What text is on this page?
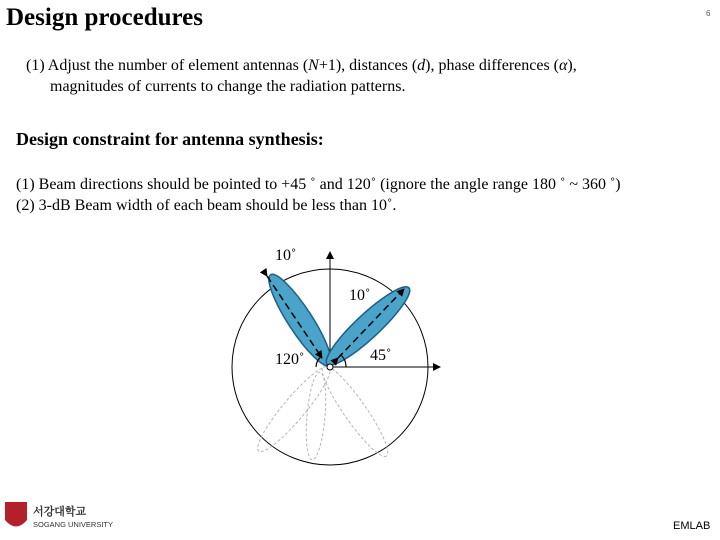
Design procedures	6
(1) Adjust the number of element antennas (N+1), distances (d), phase differences (α),
magnitudes of currents to change the radiation patterns.
Design constraint for antenna synthesis:
(1) Beam directions should be pointed to +45 ˚ and 120˚ (ignore the angle range 180 ˚ ~ 360 ˚)
(2) 3-dB Beam width of each beam should be less than 10˚.
10˚
10˚
120˚	45˚
서강대학교
SOGANG UNIVERSITY	EMLAB
